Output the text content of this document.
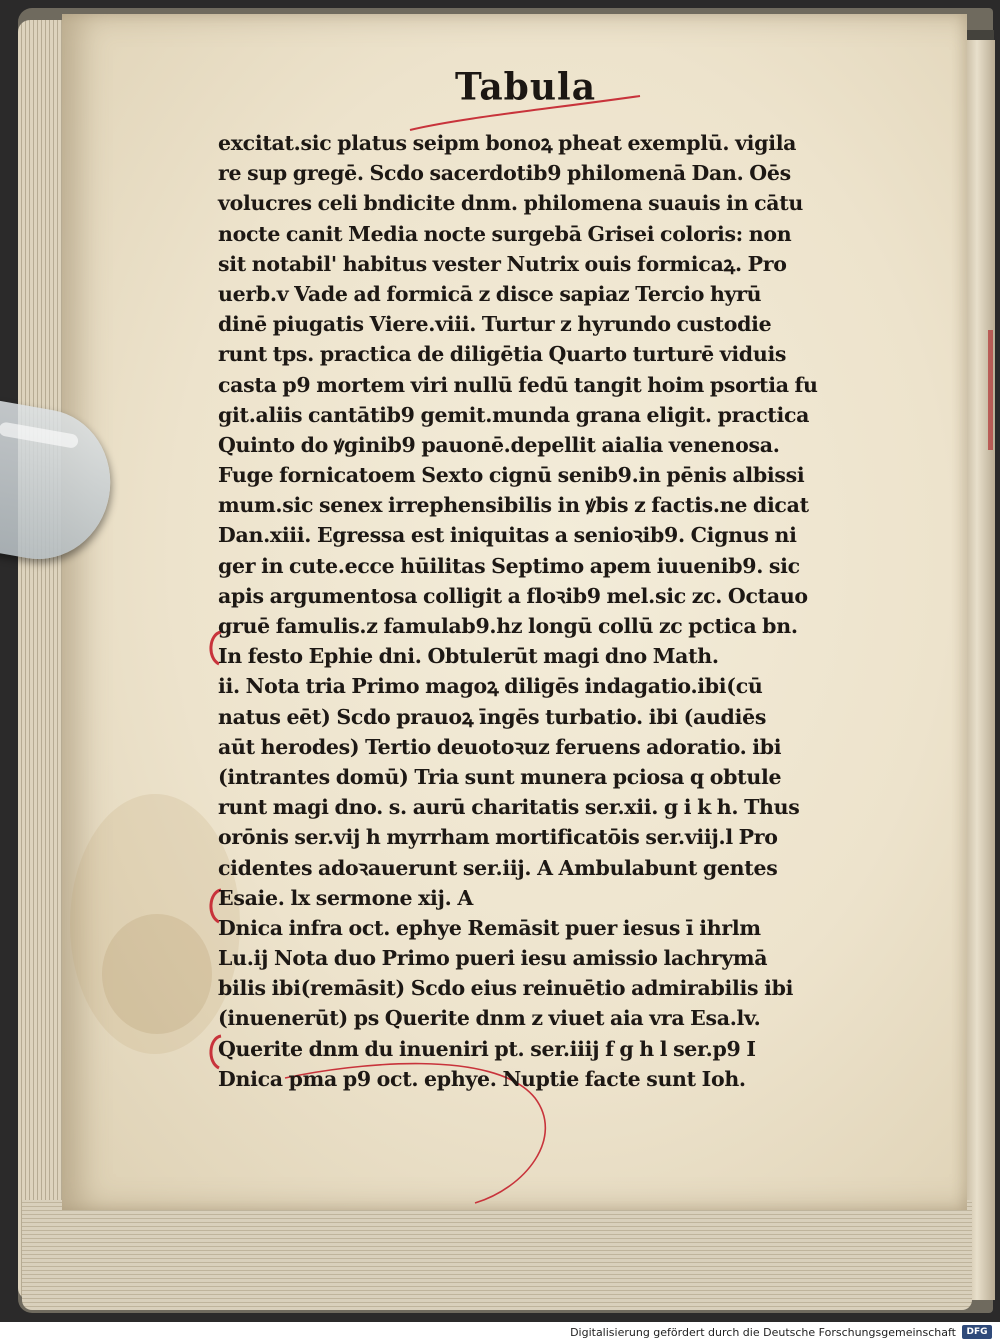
Tabula
excitat.sic platus seipm bonoꝝ pheat exemplū. vigila
re sup gregē. Scdo sacerdotib9 philomenā Dan. Oēs
volucres celi bndicite dnm. philomena suauis in cātu
nocte canit Media nocte surgebā Grisei coloris: non
sit notabil' habitus vester Nutrix ouis formicaꝝ. Pro
uerb.v Vade ad formicā z disce sapiaz Tercio hyrū
dinē piugatis Viere.viii. Turtur z hyrundo custodie
runt tps. practica de diligētia Quarto turturē viduis
casta p9 mortem viri nullū fedū tangit hoim psortia fu
git.aliis cantātib9 gemit.munda grana eligit. practica
Quinto do ꝟginib9 pauonē.depellit aialia venenosa.
Fuge fornicatoem Sexto cignū senib9.in pēnis albissi
mum.sic senex irrephensibilis in ꝟbis z factis.ne dicat
Dan.xiii. Egressa est iniquitas a senioꝛib9. Cignus ni
ger in cute.ecce hūilitas Septimo apem iuuenib9. sic
apis argumentosa colligit a floꝛib9 mel.sic zc. Octauo
gruē famulis.z famulab9.hz longū collū zc pctica bn.
In festo Ephie dni. Obtulerūt magi dno Math.
ii. Nota tria Primo magoꝝ diligēs indagatio.ibi(cū
natus eēt) Scdo prauoꝝ īngēs turbatio. ibi (audiēs
aūt herodes) Tertio deuotoꝛuz feruens adoratio. ibi
(intrantes domū) Tria sunt munera pciosa q obtule
runt magi dno. s. aurū charitatis ser.xii. g i k h. Thus
orōnis ser.vij h myrrham mortificatōis ser.viij.l Pro
cidentes adoꝛauerunt ser.iij. A Ambulabunt gentes
Esaie. lx sermone xij. A
Dnica infra oct. ephye Remāsit puer iesus ī ihrlm
Lu.ij Nota duo Primo pueri iesu amissio lachrymā
bilis ibi(remāsit) Scdo eius reinuētio admirabilis ibi
(inuenerūt) ps Querite dnm z viuet aia vra Esa.lv.
Querite dnm du inueniri pt. ser.iiij f g h l ser.p9 I
Dnica pma p9 oct. ephye. Nuptie facte sunt Ioh.
Digitalisierung gefördert durch die Deutsche Forschungsgemeinschaft	DFG
